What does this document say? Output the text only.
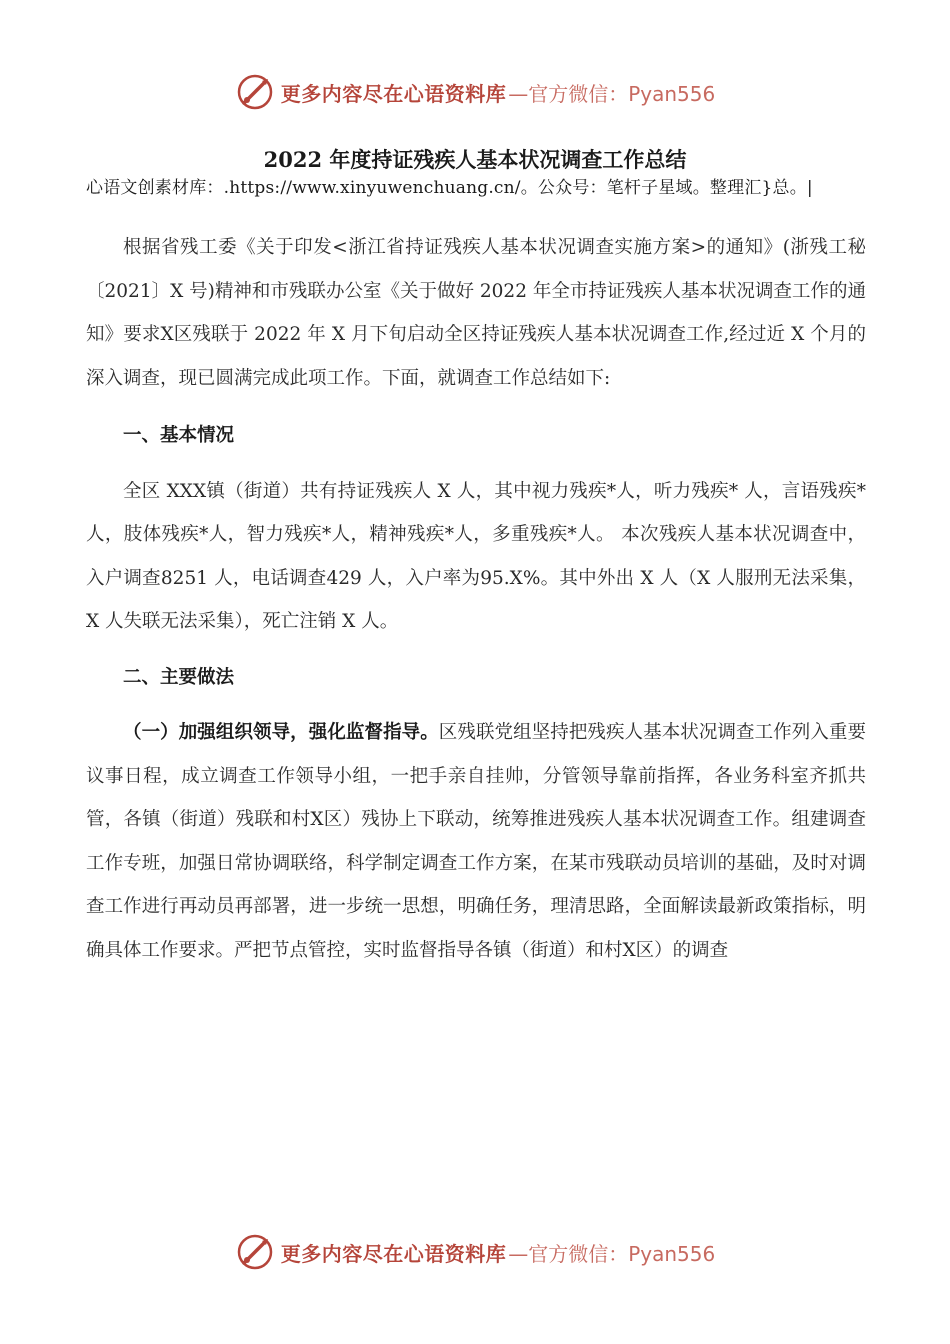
更多内容尽在心语资料库 —官方微信：Pyan556
2022 年度持证残疾人基本状况调查工作总结

心语文创素材库：.https://www.xinyuwenchuang.cn/。公众号：笔杆子星域。整理汇}总。|

根据省残工委《关于印发<浙江省持证残疾人基本状况调查实施方案>的通知》(浙残工秘〔2021〕X 号)精神和市残联办公室《关于做好 2022 年全市持证残疾人基本状况调查工作的通知》要求X区残联于 2022 年 X 月下旬启动全区持证残疾人基本状况调查工作,经过近 X 个月的深入调查，现已圆满完成此项工作。下面，就调查工作总结如下:

一、基本情况

全区 XXX镇（街道）共有持证残疾人 X 人，其中视力残疾*人，听力残疾* 人，言语残疾*人，肢体残疾*人，智力残疾*人，精神残疾*人，多重残疾*人。 本次残疾人基本状况调查中，入户调查8251 人，电话调查429 人，入户率为95.X%。其中外出 X 人（X 人服刑无法采集，X 人失联无法采集），死亡注销 X 人。

二、主要做法

（一）加强组织领导，强化监督指导。区残联党组坚持把残疾人基本状况调查工作列入重要议事日程，成立调查工作领导小组，一把手亲自挂帅，分管领导靠前指挥，各业务科室齐抓共管，各镇（街道）残联和村X区）残协上下联动，统筹推进残疾人基本状况调查工作。组建调查工作专班，加强日常协调联络，科学制定调查工作方案，在某市残联动员培训的基础，及时对调查工作进行再动员再部署，进一步统一思想，明确任务，理清思路，全面解读最新政策指标，明确具体工作要求。严把节点管控，实时监督指导各镇（街道）和村X区）的调查

更多内容尽在心语资料库 —官方微信：Pyan556
